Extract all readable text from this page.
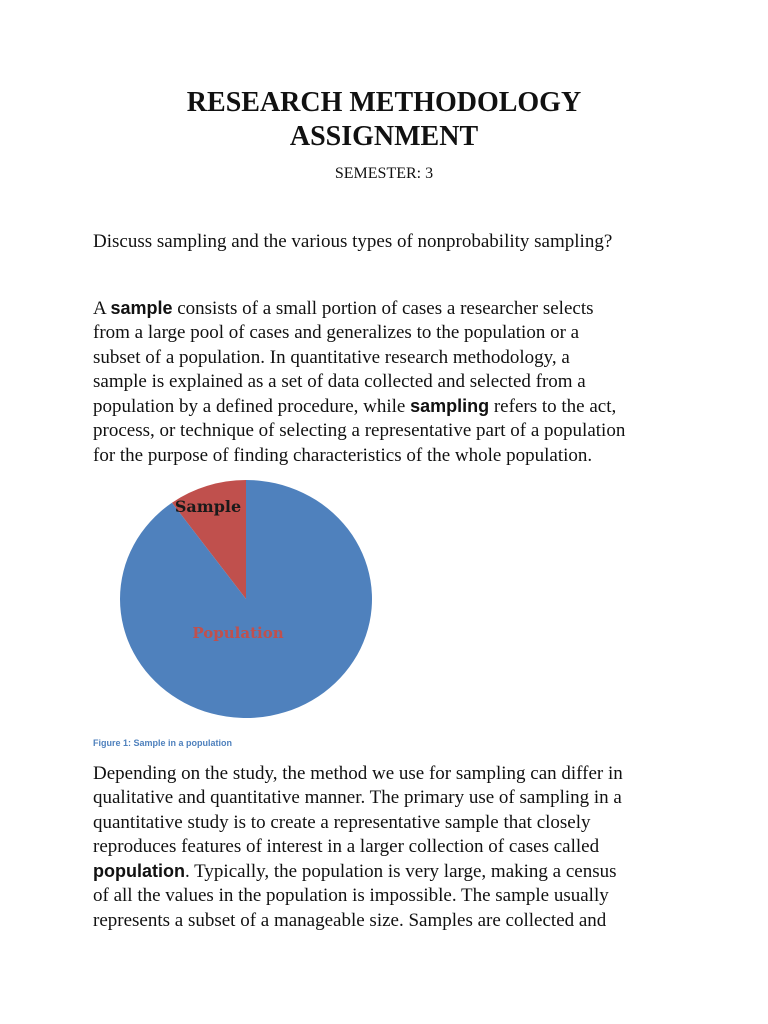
RESEARCH METHODOLOGY
ASSIGNMENT
SEMESTER: 3
Discuss sampling and the various types of nonprobability sampling?

A sample consists of a small portion of cases a researcher selects
from a large pool of cases and generalizes to the population or a
subset of a population. In quantitative research methodology, a
sample is explained as a set of data collected and selected from a
population by a defined procedure, while sampling refers to the act,
process, or technique of selecting a representative part of a population
for the purpose of finding characteristics of the whole population.

Sample
Population
Figure 1: Sample in a population

Depending on the study, the method we use for sampling can differ in
qualitative and quantitative manner. The primary use of sampling in a
quantitative study is to create a representative sample that closely
reproduces features of interest in a larger collection of cases called
population. Typically, the population is very large, making a census
of all the values in the population is impossible. The sample usually
represents a subset of a manageable size. Samples are collected and
